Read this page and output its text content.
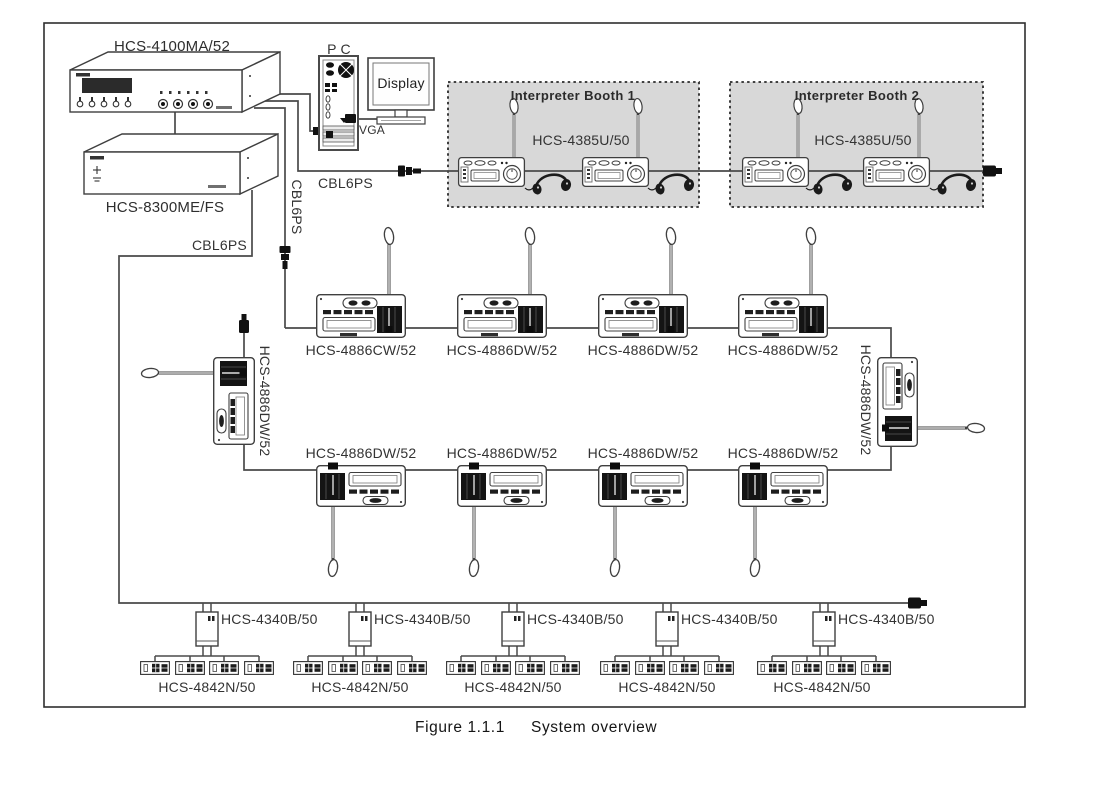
HCS-4100MA/52
HCS-8300ME/FS
P C
Display
VGA
CBL6PS
CBL6PS
CBL6PS
Interpreter Booth 1	Interpreter Booth 2
HCS-4385U/50	HCS-4385U/50
HCS-4886CW/52 HCS-4886DW/52 HCS-4886DW/52 HCS-4886DW/52
HCS-4886DW/52 HCS-4886DW/52 HCS-4886DW/52 HCS-4886DW/52
HCS-4886DW/52	HCS-4886DW/52
HCS-4340B/50	HCS-4340B/50	HCS-4340B/50	HCS-4340B/50	HCS-4340B/50
HCS-4842N/50	HCS-4842N/50	HCS-4842N/50	HCS-4842N/50	HCS-4842N/50
Figure 1.1.1 System overview
